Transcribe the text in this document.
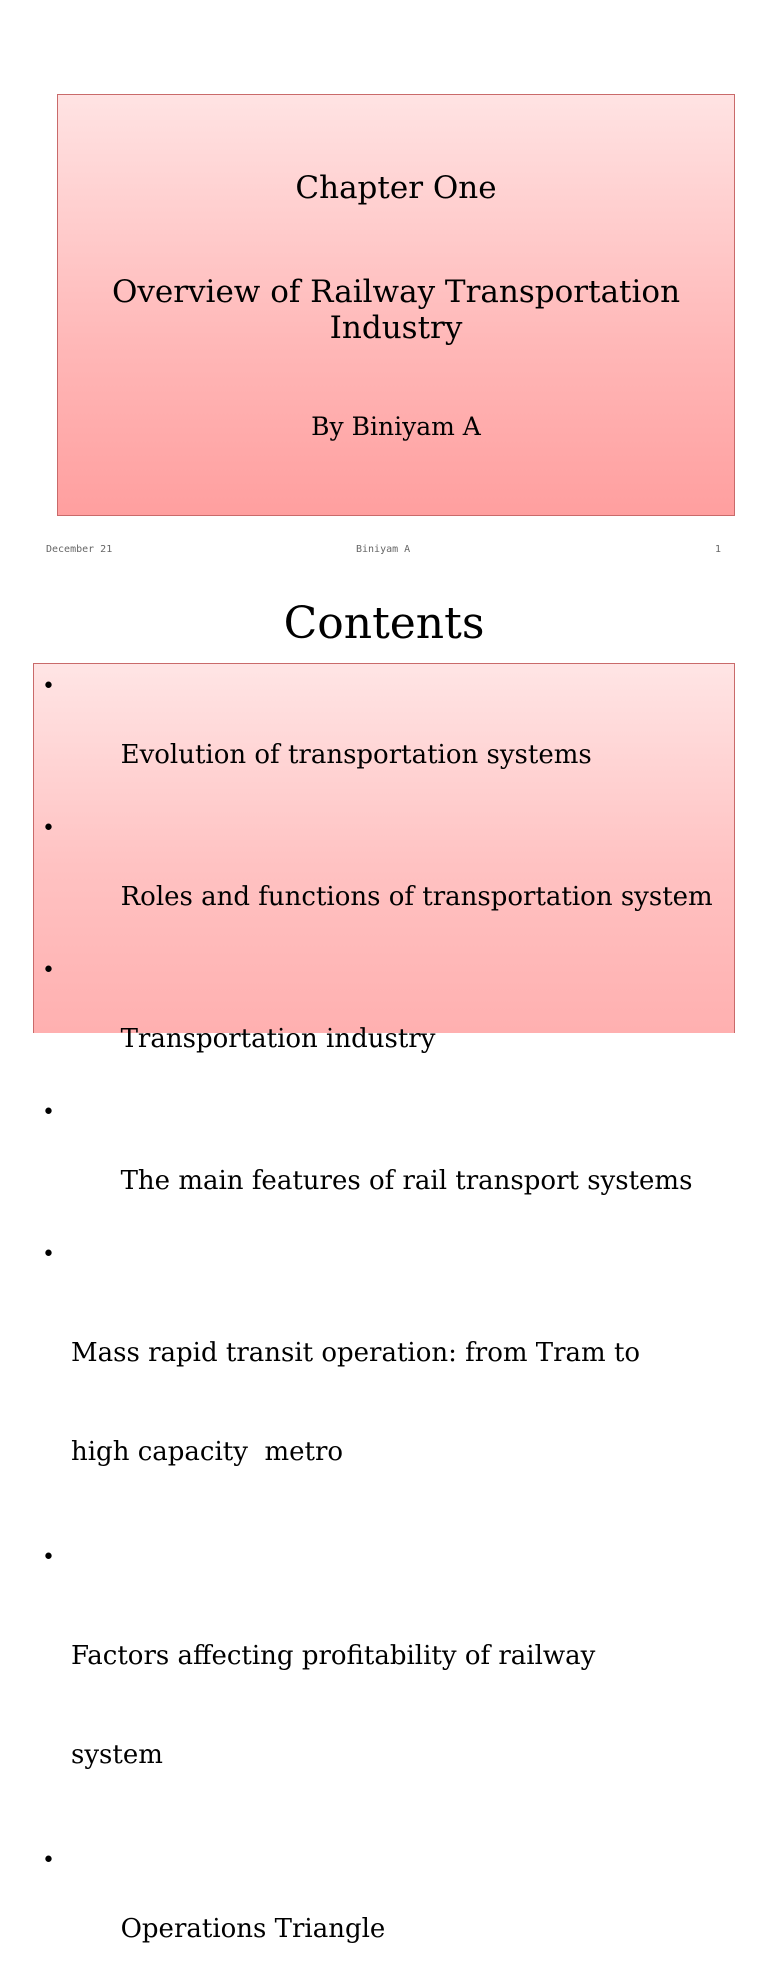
Chapter One
Overview of Railway Transportation
Industry
By Biniyam A
December 21	Biniyam A	1
Contents

•

Evolution of transportation systems

•

Roles and functions of transportation system

•

Transportation industry

•

The main features of rail transport systems

•

Mass rapid transit operation: from Tram to

high capacity  metro

•

Factors affecting profitability of railway

system

•

Operations Triangle
